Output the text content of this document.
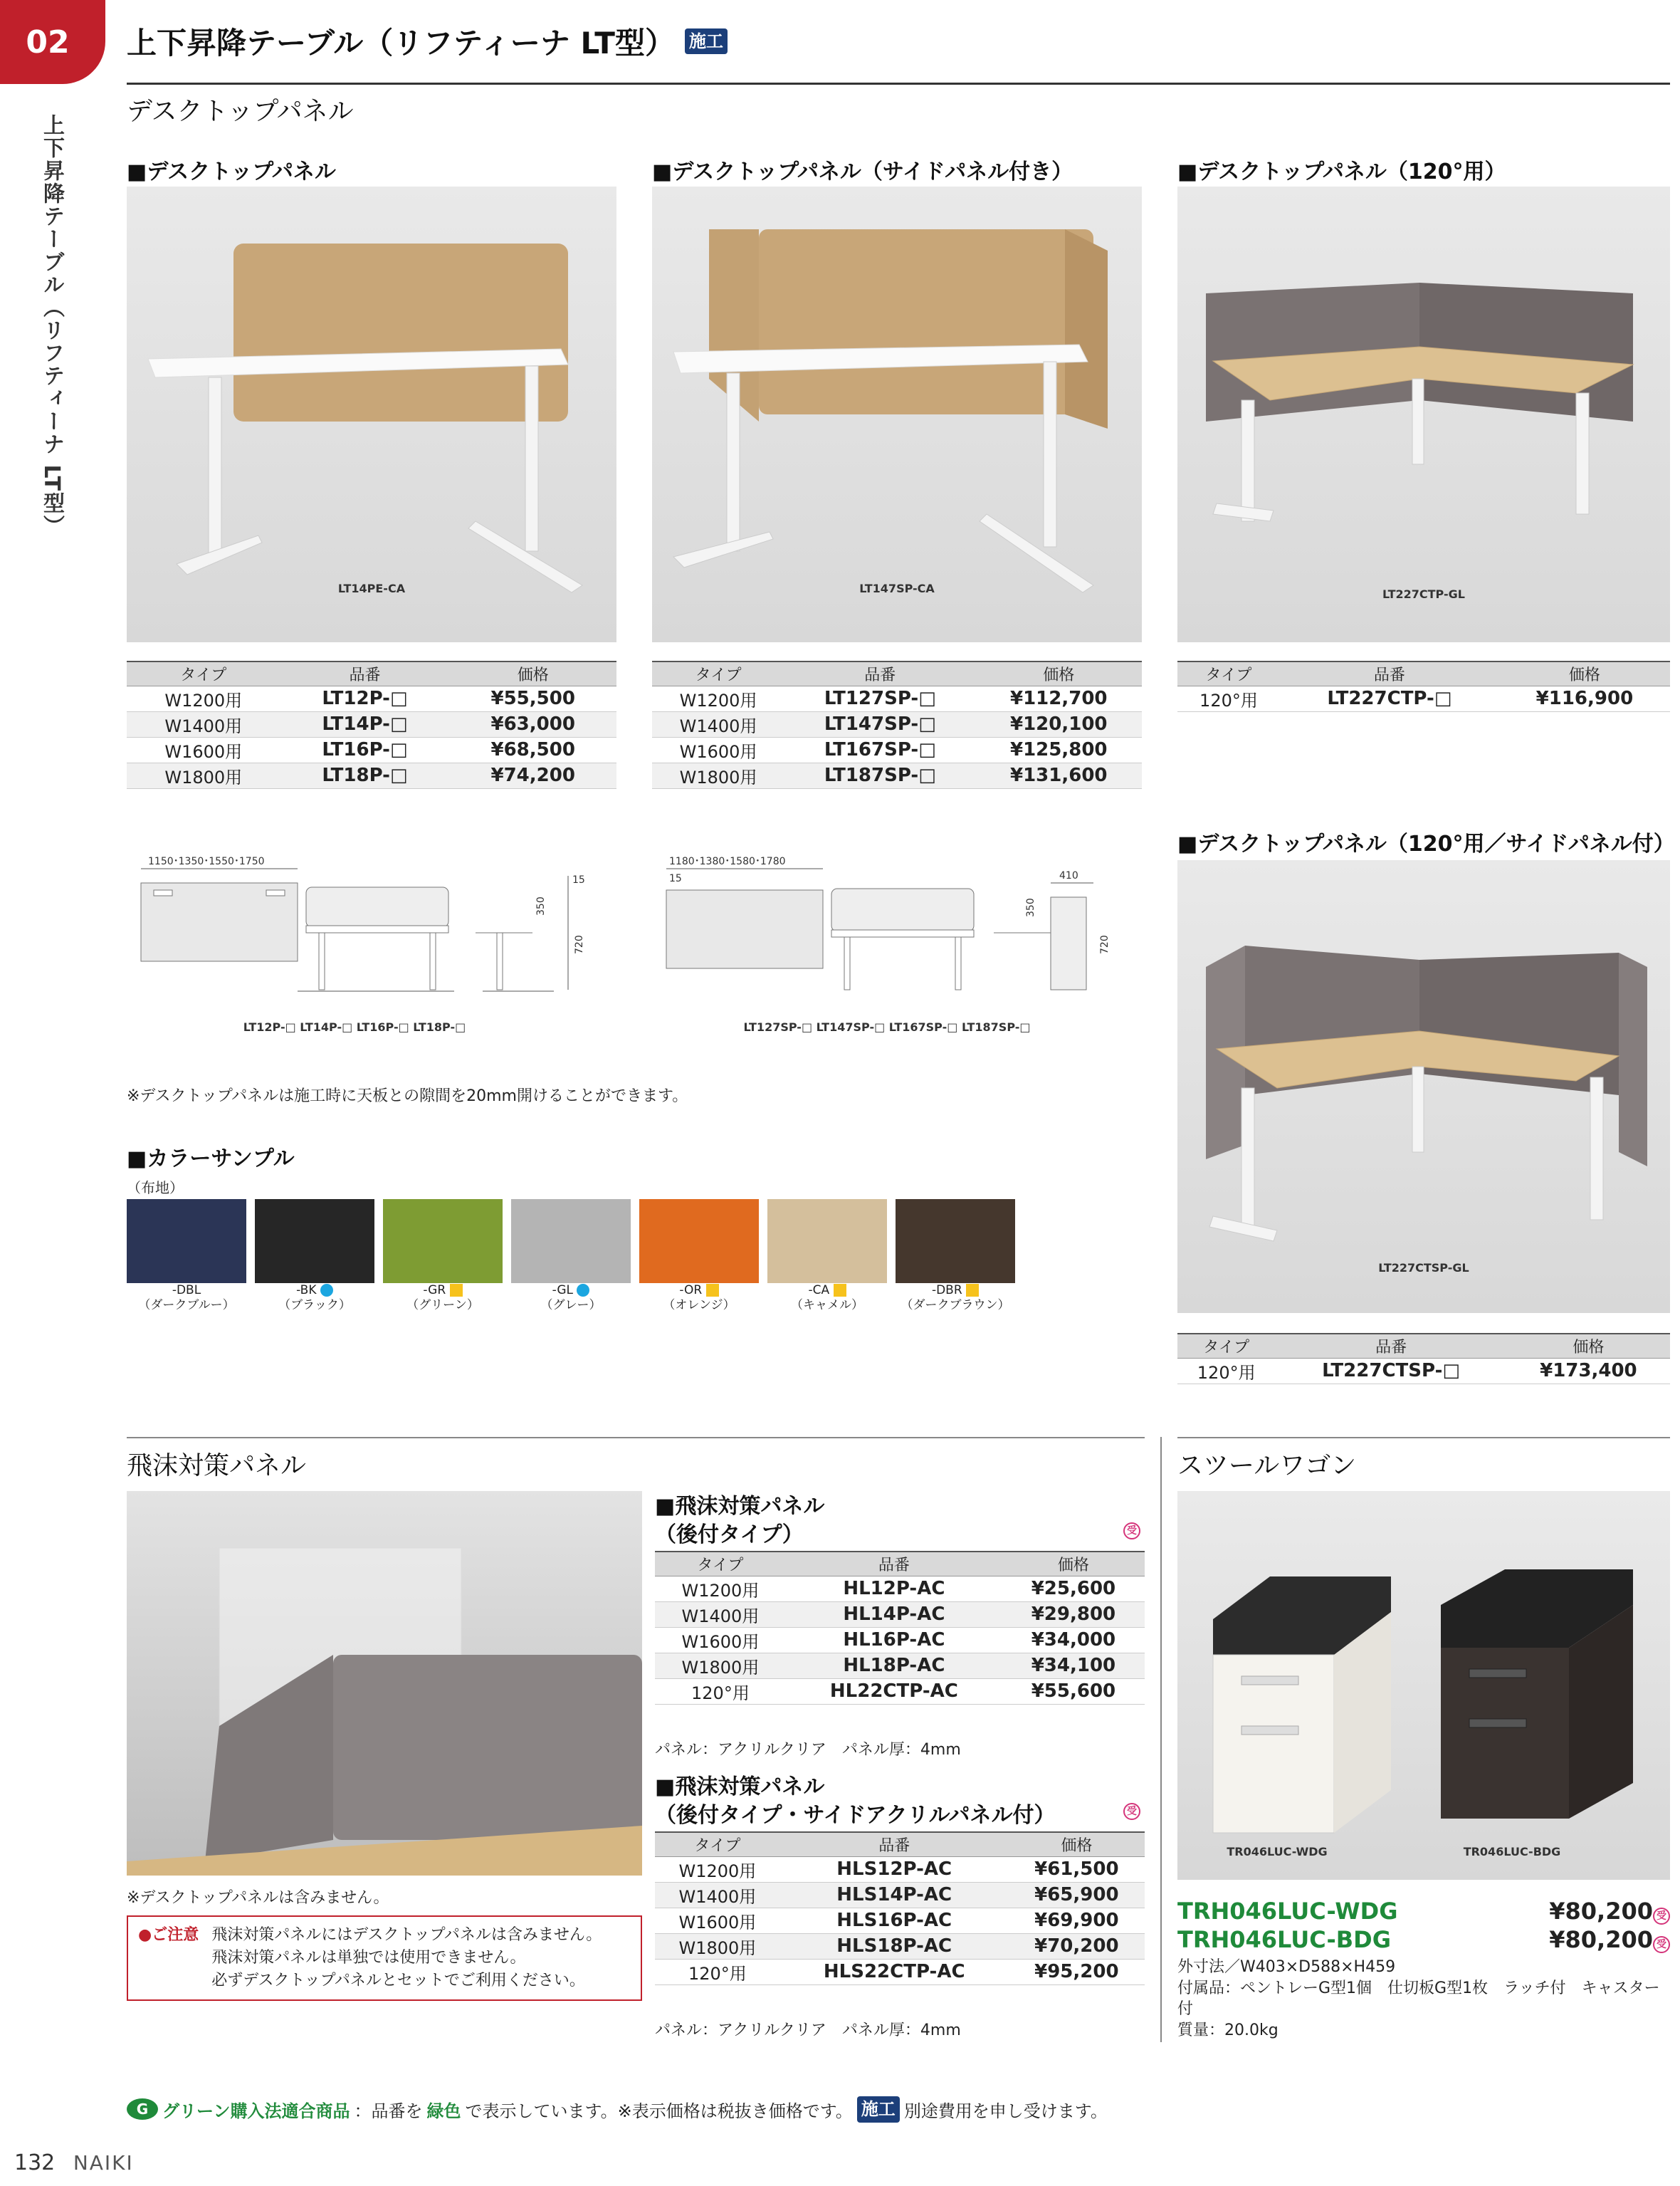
02
上下昇降テーブル（リフティーナ LT型）
上下昇降テーブル（リフティーナ LT型） 施工
デスクトップパネル
■デスクトップパネル
LT14PE-CA
タイプ	品番	価格
W1200用	LT12P-□	¥55,500
W1400用	LT14P-□	¥63,000
W1600用	LT16P-□	¥68,500
W1800用	LT18P-□	¥74,200
■デスクトップパネル（サイドパネル付き）
LT147SP-CA
タイプ	品番	価格
W1200用	LT127SP-□	¥112,700
W1400用	LT147SP-□	¥120,100
W1600用	LT167SP-□	¥125,800
W1800用	LT187SP-□	¥131,600
■デスクトップパネル（120°用）
LT227CTP-GL
タイプ	品番	価格
120°用	LT227CTP-□	¥116,900
■デスクトップパネル（120°用／サイドパネル付）
LT227CTSP-GL
タイプ	品番	価格
120°用	LT227CTSP-□	¥173,400
1150･1350･1550･1750
15
350
720
LT12P-□ LT14P-□ LT16P-□ LT18P-□
1180･1380･1580･1780
15	410
350
720
LT127SP-□ LT147SP-□ LT167SP-□ LT187SP-□
※デスクトップパネルは施工時に天板との隙間を20mm開けることができます。
■カラーサンプル
（布地）
-DBL
（ダークブルー）
-BK
（ブラック）
-GR
（グリーン）
-GL
（グレー）
-OR
（オレンジ）
-CA
（キャメル）
-DBR
（ダークブラウン）
飛沫対策パネル
※デスクトップパネルは含みません。
●ご注意 飛沫対策パネルにはデスクトップパネルは含みません。
飛沫対策パネルは単独では使用できません。
必ずデスクトップパネルとセットでご利用ください。
■飛沫対策パネル
（後付タイプ）	受
タイプ	品番	価格
W1200用	HL12P-AC	¥25,600
W1400用	HL14P-AC	¥29,800
W1600用	HL16P-AC	¥34,000
W1800用	HL18P-AC	¥34,100
120°用	HL22CTP-AC	¥55,600
パネル：アクリルクリア　パネル厚：4mm
■飛沫対策パネル
（後付タイプ・サイドアクリルパネル付）	受
タイプ	品番	価格
W1200用	HLS12P-AC	¥61,500
W1400用	HLS14P-AC	¥65,900
W1600用	HLS16P-AC	¥69,900
W1800用	HLS18P-AC	¥70,200
120°用	HLS22CTP-AC	¥95,200
パネル：アクリルクリア　パネル厚：4mm
スツールワゴン
TR046LUC-WDG	TR046LUC-BDG
TRH046LUC-WDG	¥80,200 受
TRH046LUC-BDG	¥80,200 受
外寸法／W403×D588×H459
付属品：ペントレーG型1個　仕切板G型1枚　ラッチ付　キャスター付
質量：20.0kg
G グリーン購入法適合商品 ：品番を 緑色 で表示しています。※表示価格は税抜き価格です。 施工 別途費用を申し受けます。
132 NAIKI
